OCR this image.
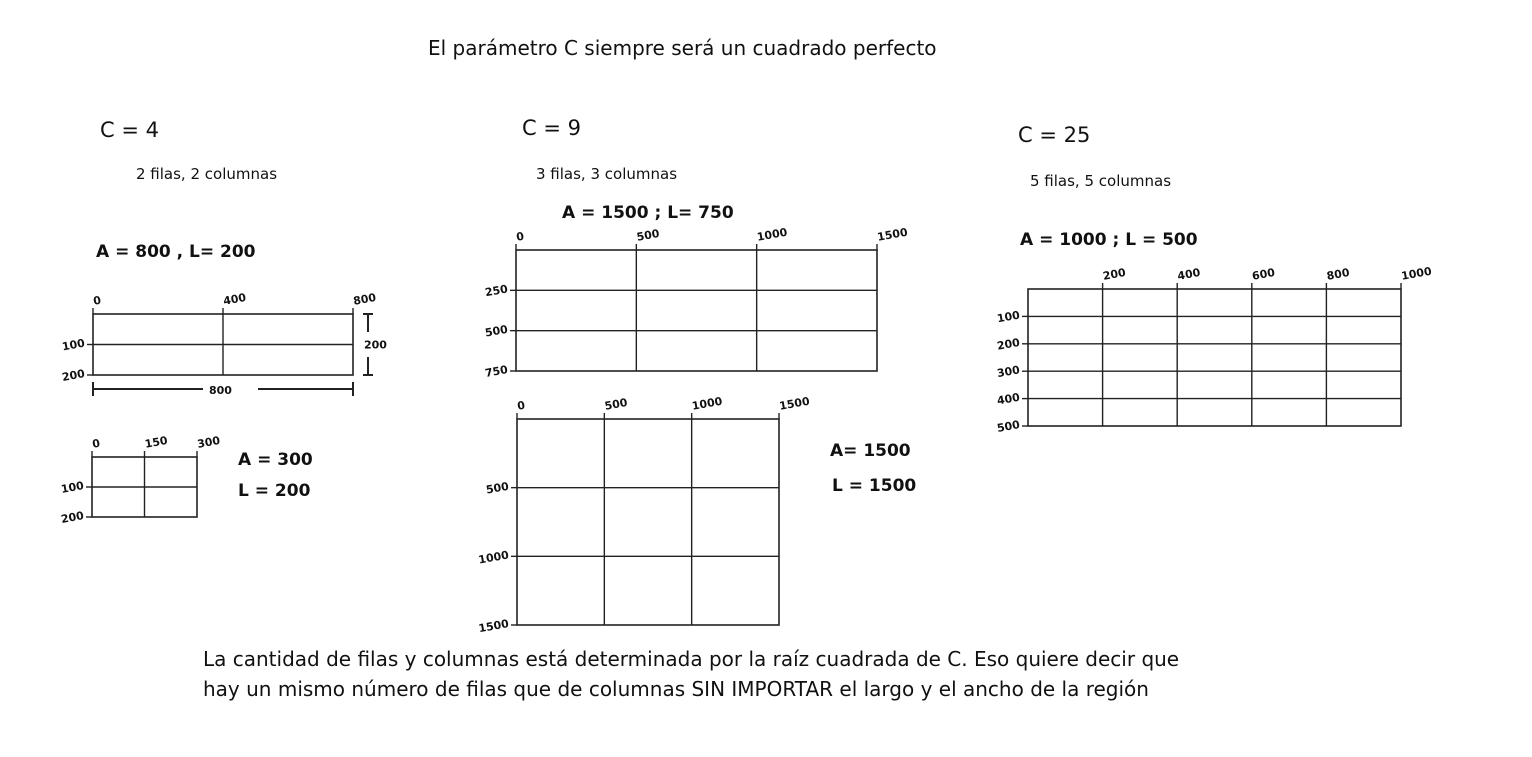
El parámetro C siempre será un cuadrado perfecto
C = 4
2 filas, 2 columnas
A = 800 , L= 200
C = 9
3 filas, 3 columnas
A = 1500 ; L= 750
C = 25
5 filas, 5 columnas
A = 1000 ; L = 500
A = 300
L = 200
A= 1500
L = 1500
La cantidad de filas y columnas está determinada por la raíz cuadrada de C. Eso quiere decir que
hay un mismo número de filas que de columnas SIN IMPORTAR el largo y el ancho de la región
0	400	800
100
200
800
200
0	150	300
100
200
0	500	1000	1500
250
500
750
0	500	1000	1500
500
1000
1500
200	400	600	800	1000
100
200
300
400
500
